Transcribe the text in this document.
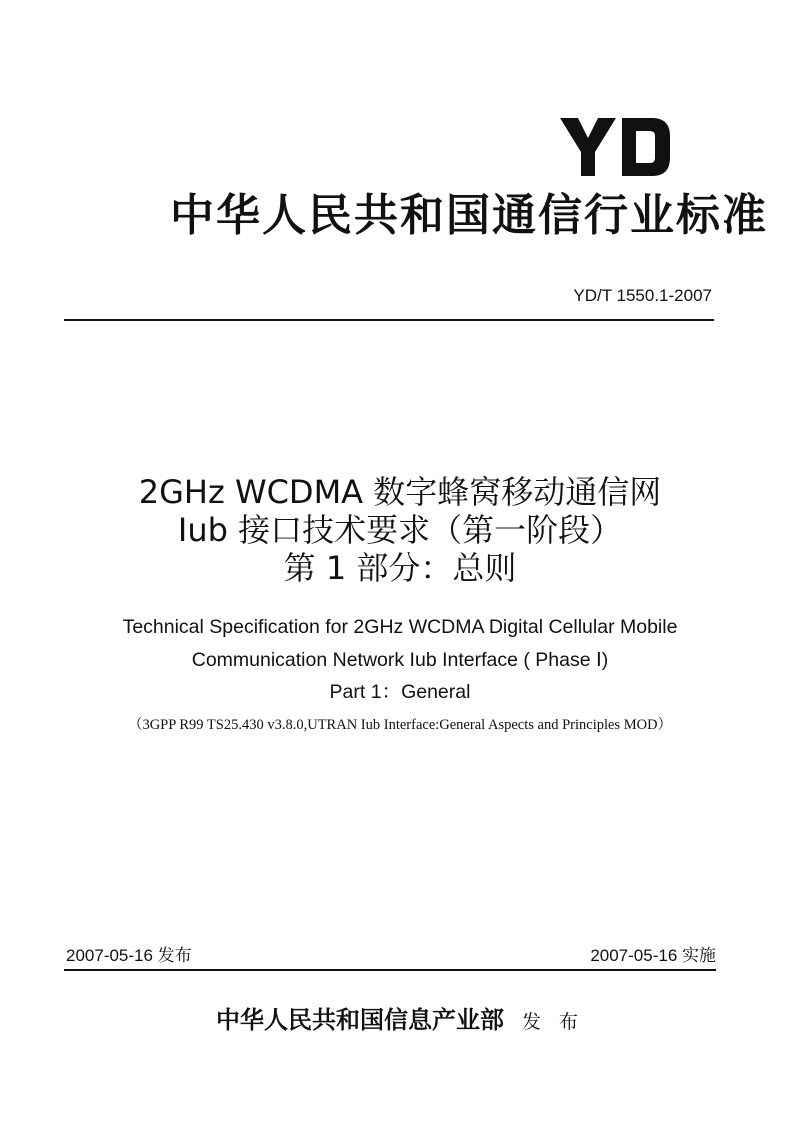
中华人民共和国通信行业标准
YD/T 1550.1-2007
2GHz WCDMA 数字蜂窝移动通信网
Iub 接口技术要求（第一阶段）
第 1 部分：总则
Technical Specification for 2GHz WCDMA Digital Cellular Mobile
Communication Network Iub Interface ( Phase Ⅰ)
Part 1：General
（3GPP R99 TS25.430 v3.8.0,UTRAN Iub Interface:General Aspects and Principles MOD）
2007-05-16 发布	2007-05-16 实施
中华人民共和国信息产业部 发 布
